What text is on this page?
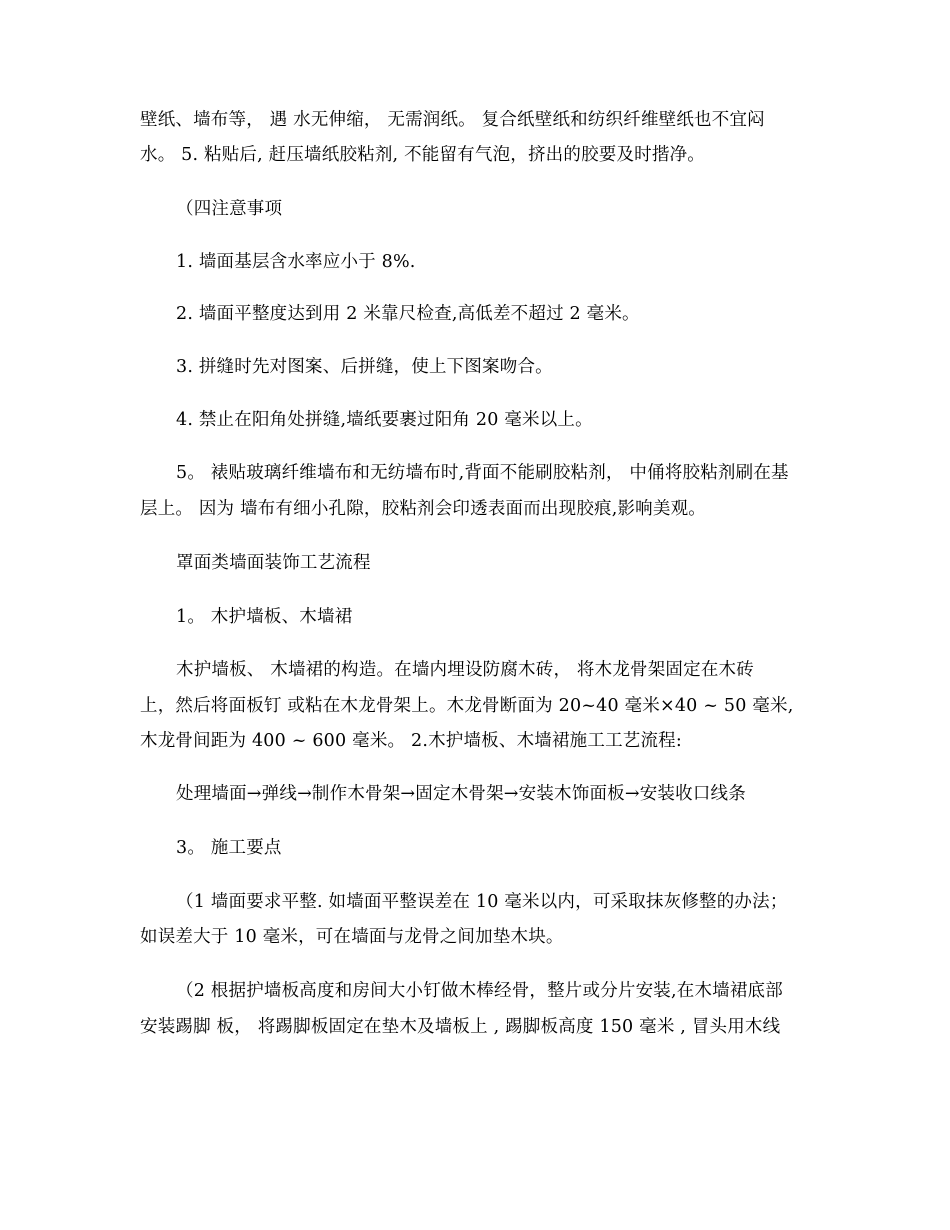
壁纸、墙布等， 遇 水无伸缩， 无需润纸。 复合纸壁纸和纺织纤维壁纸也不宜闷
水。 5. 粘贴后, 赶压墙纸胶粘剂, 不能留有气泡，挤出的胶要及时揩净。
（四注意事项
1. 墙面基层含水率应小于 8%.
2. 墙面平整度达到用 2 米靠尺检查,高低差不超过 2 毫米。
3. 拼缝时先对图案、后拼缝，使上下图案吻合。
4. 禁止在阳角处拼缝,墙纸要裹过阳角 20 毫米以上。
5。 裱贴玻璃纤维墙布和无纺墙布时,背面不能刷胶粘剂， 中俑将胶粘剂刷在基
层上。 因为 墙布有细小孔隙，胶粘剂会印透表面而出现胶痕,影响美观。
罩面类墙面装饰工艺流程
1。 木护墙板、木墙裙
木护墙板、 木墙裙的构造。在墙内埋设防腐木砖， 将木龙骨架固定在木砖
上，然后将面板钉 或粘在木龙骨架上。木龙骨断面为 20~40 毫米×40 ~ 50 毫米,
木龙骨间距为 400 ~ 600 毫米。 2.木护墙板、木墙裙施工工艺流程:
处理墙面→弹线→制作木骨架→固定木骨架→安装木饰面板→安装收口线条
3。 施工要点
（1 墙面要求平整. 如墙面平整误差在 10 毫米以内，可采取抹灰修整的办法；
如误差大于 10 毫米，可在墙面与龙骨之间加垫木块。
（2 根据护墙板高度和房间大小钉做木棒经骨，整片或分片安装,在木墙裙底部
安装踢脚 板， 将踢脚板固定在垫木及墙板上 , 踢脚板高度 150 毫米 , 冒头用木线
